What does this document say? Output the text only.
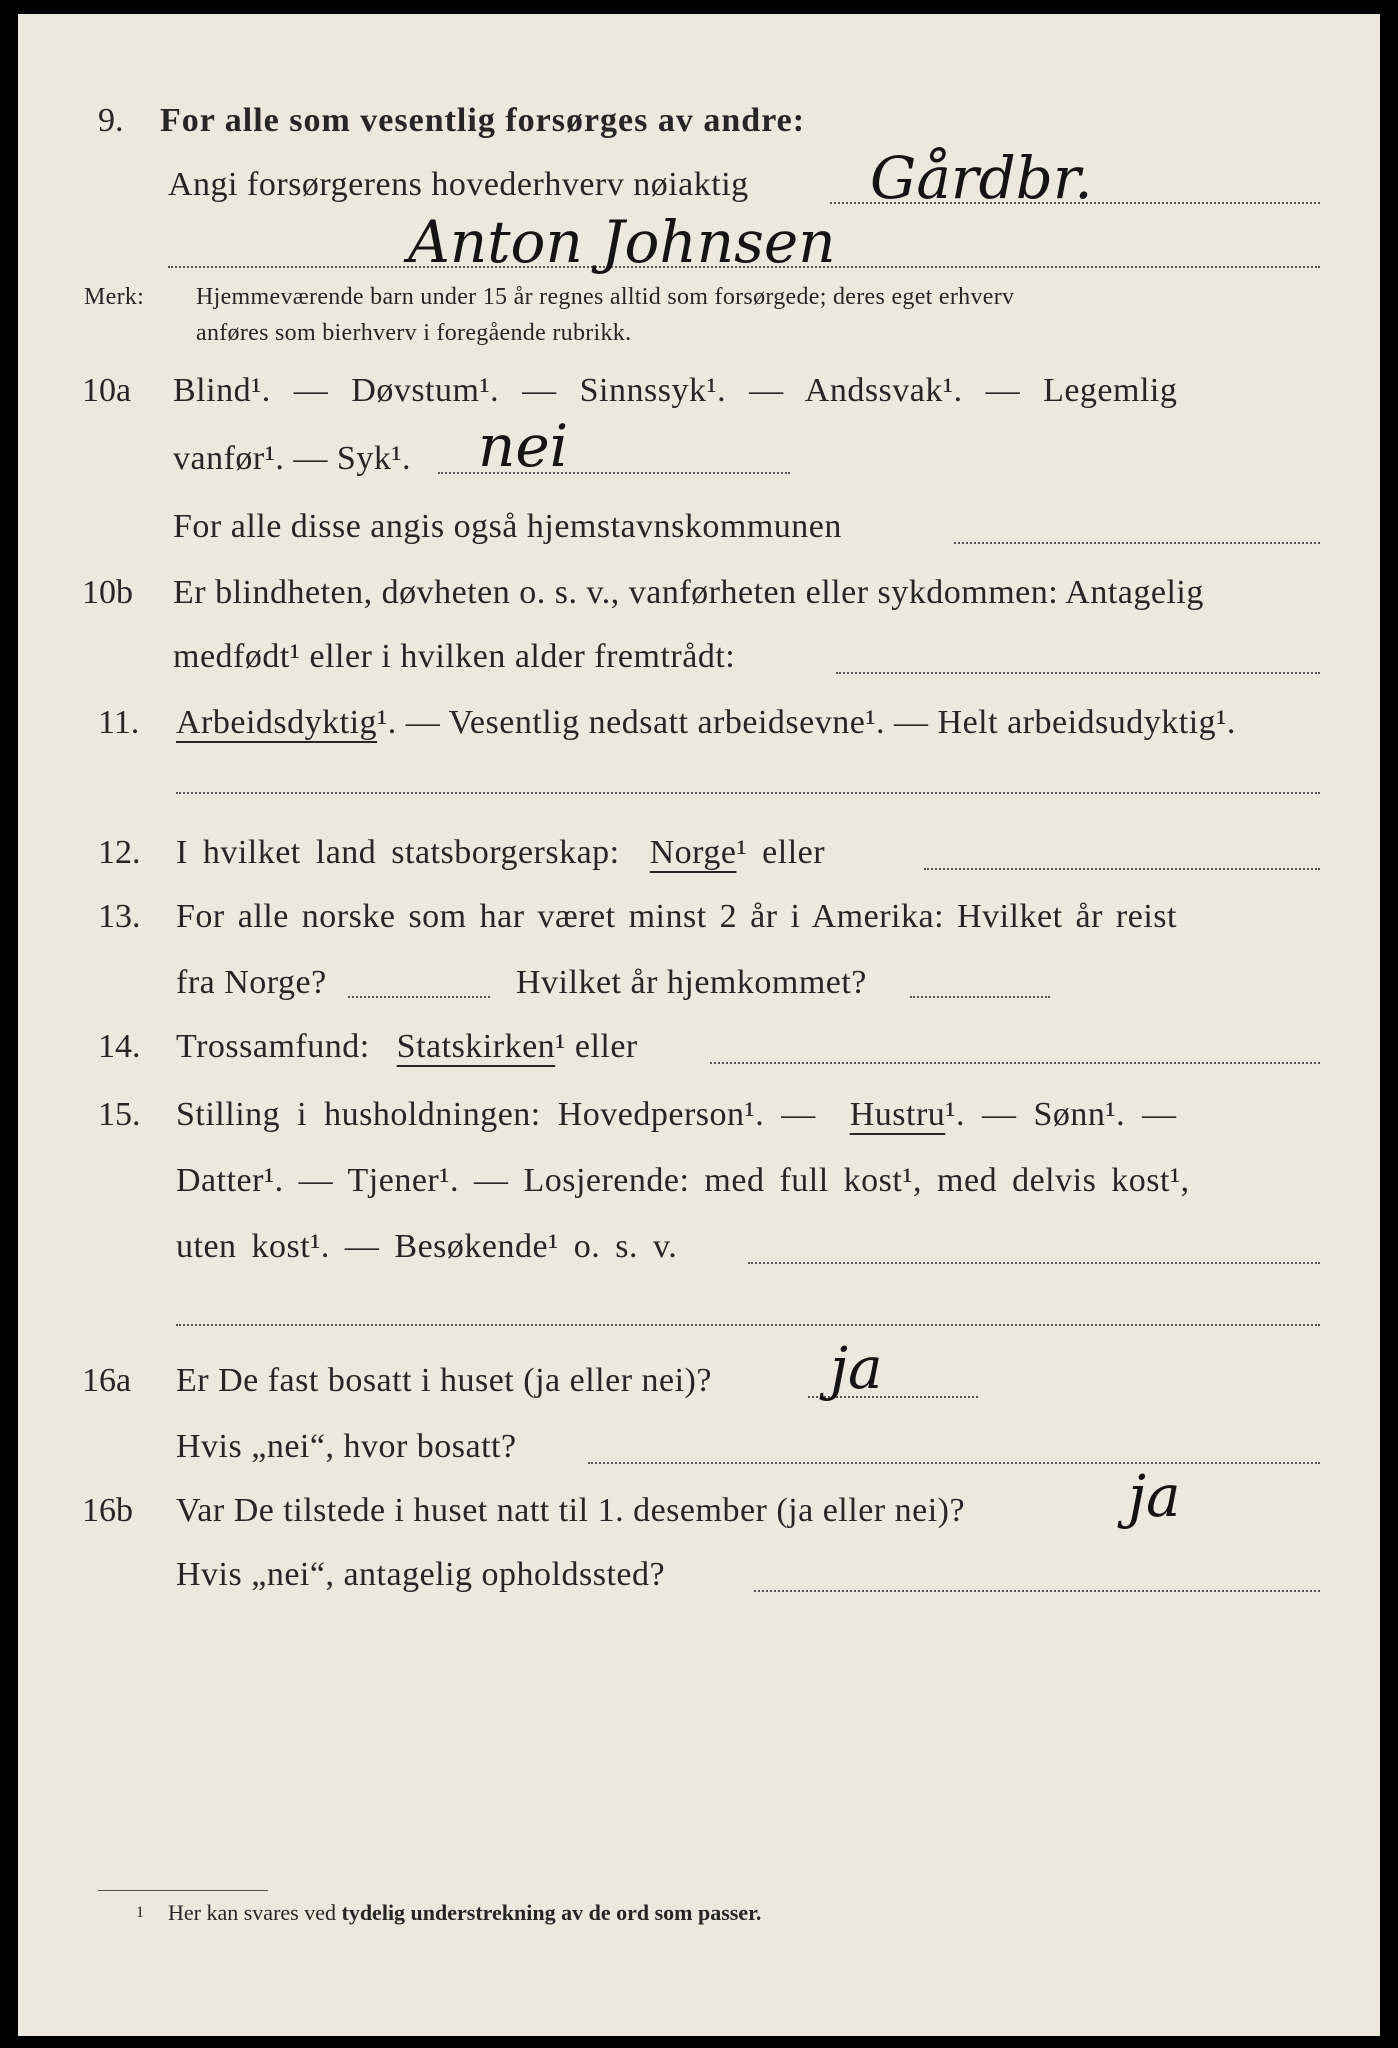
9. For alle som vesentlig forsørges av andre:
Angi forsørgerens hovederhverv nøiaktig Gårdbr.
Anton Johnsen
Merk: Hjemmeværende barn under 15 år regnes alltid som forsørgede; deres eget erhverv
anføres som bierhverv i foregående rubrikk.
10a Blind¹. — Døvstum¹. — Sinnssyk¹. — Andssvak¹. — Legemlig
vanfør¹. — Syk¹. nei
For alle disse angis også hjemstavnskommunen
10b Er blindheten, døvheten o. s. v., vanførheten eller sykdommen: Antagelig
medfødt¹ eller i hvilken alder fremtrådt:
11. Arbeidsdyktig¹. — Vesentlig nedsatt arbeidsevne¹. — Helt arbeidsudyktig¹.
12. I hvilket land statsborgerskap: Norge¹ eller
13. For alle norske som har været minst 2 år i Amerika: Hvilket år reist
fra Norge?	Hvilket år hjemkommet?
14. Trossamfund: Statskirken¹ eller
15. Stilling i husholdningen: Hovedperson¹. — Hustru¹. — Sønn¹. —
Datter¹. — Tjener¹. — Losjerende: med full kost¹, med delvis kost¹,
uten kost¹. — Besøkende¹ o. s. v.
16a Er De fast bosatt i huset (ja eller nei)? ja
Hvis „nei“, hvor bosatt?
16b Var De tilstede i huset natt til 1. desember (ja eller nei)?	ja
Hvis „nei“, antagelig opholdssted?
1 Her kan svares ved tydelig understrekning av de ord som passer.
